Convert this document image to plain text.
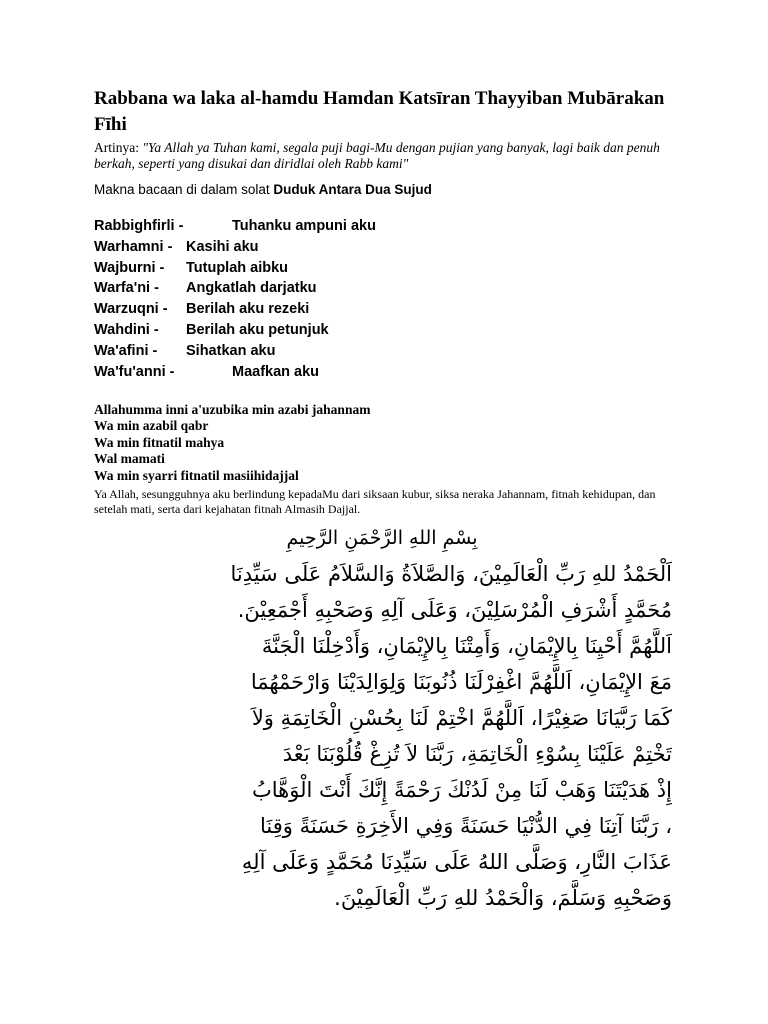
Rabbana wa laka al-hamdu Hamdan Katsīran Thayyiban Mubārakan Fīhi

Artinya: "Ya Allah ya Tuhan kami, segala puji bagi-Mu dengan pujian yang banyak, lagi baik dan penuh berkah, seperti yang disukai dan diridlai oleh Rabb kami"

Makna bacaan di dalam solat Duduk Antara Dua Sujud

Rabbighfirli -	Tuhanku ampuni aku
Warhamni - Kasihi aku
Wajburni - Tutuplah aibku
Warfa'ni - Angkatlah darjatku
Warzuqni - Berilah aku rezeki
Wahdini - Berilah aku petunjuk
Wa'afini - Sihatkan aku
Wa'fu'anni -	Maafkan aku
Allahumma inni a'uzubika min azabi jahannam
Wa min azabil qabr
Wa min fitnatil mahya
Wal mamati
Wa min syarri fitnatil masiihidajjal
Ya Allah, sesungguhnya aku berlindung kepadaMu dari siksaan kubur, siksa neraka Jahannam, fitnah kehidupan, dan setelah mati, serta dari kejahatan fitnah Almasih Dajjal.
بِسْمِ اللهِ الرَّحْمَنِ الرَّحِيمِ
اَلْحَمْدُ للهِ رَبِّ الْعَالَمِيْنَ، وَالصَّلاَةُ وَالسَّلاَمُ عَلَى سَيِّدِنَا
مُحَمَّدٍ أَشْرَفِ الْمُرْسَلِيْنَ، وَعَلَى آلِهِ وَصَحْبِهِ أَجْمَعِيْنَ.
اَللَّهُمَّ أَحْيِنَا بِالإِيْمَانِ، وَأَمِتْنَا بِالإِيْمَانِ، وَأَدْخِلْنَا الْجَنَّةَ
مَعَ الإِيْمَانِ، اَللَّهُمَّ اغْفِرْلَنَا ذُنُوبَنَا وَلِوَالِدَيْنَا وَارْحَمْهُمَا
كَمَا رَبَّيَانَا صَغِيْرًا، اَللَّهُمَّ اخْتِمْ لَنَا بِحُسْنِ الْخَاتِمَةِ وَلاَ
تَخْتِمْ عَلَيْنَا بِسُوْءِ الْخَاتِمَةِ، رَبَّنَا لاَ تُزِغْ قُلُوْبَنَا بَعْدَ
إِذْ هَدَيْتَنَا وَهَبْ لَنَا مِنْ لَدُنْكَ رَحْمَةً إِنَّكَ أَنْتَ الْوَهَّابُ
، رَبَّنَا آتِنَا فِي الدُّنْيَا حَسَنَةً وَفِي الأَخِرَةِ حَسَنَةً وَقِنَا
عَذَابَ النَّارِ، وَصَلَّى اللهُ عَلَى سَيِّدِنَا مُحَمَّدٍ وَعَلَى آلِهِ
وَصَحْبِهِ وَسَلَّمَ، وَالْحَمْدُ للهِ رَبِّ الْعَالَمِيْنَ.
